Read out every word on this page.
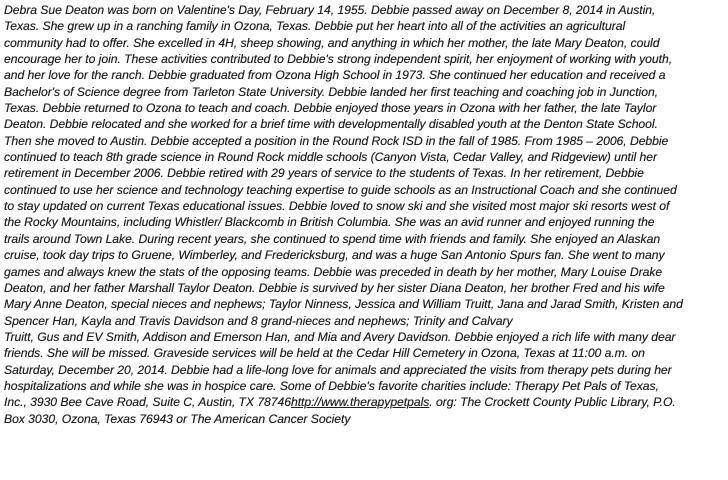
Debra Sue Deaton was born on Valentine's Day, February 14, 1955. Debbie passed away on December 8, 2014 in Austin,
Texas. She grew up in a ranching family in Ozona, Texas. Debbie put her heart into all of the activities an agricultural
community had to offer. She excelled in 4H, sheep showing, and anything in which her mother, the late Mary Deaton, could
encourage her to join. These activities contributed to Debbie's strong independent spirit, her enjoyment of working with youth,
and her love for the ranch. Debbie graduated from Ozona High School in 1973. She continued her education and received a
Bachelor's of Science degree from Tarleton State University. Debbie landed her first teaching and coaching job in Junction,
Texas. Debbie returned to Ozona to teach and coach. Debbie enjoyed those years in Ozona with her father, the late Taylor
Deaton. Debbie relocated and she worked for a brief time with developmentally disabled youth at the Denton State School.
Then she moved to Austin. Debbie accepted a position in the Round Rock ISD in the fall of 1985. From 1985 – 2006, Debbie
continued to teach 8th grade science in Round Rock middle schools (Canyon Vista, Cedar Valley, and Ridgeview) until her
retirement in December 2006. Debbie retired with 29 years of service to the students of Texas. In her retirement, Debbie
continued to use her science and technology teaching expertise to guide schools as an Instructional Coach and she continued
to stay updated on current Texas educational issues. Debbie loved to snow ski and she visited most major ski resorts west of
the Rocky Mountains, including Whistler/ Blackcomb in British Columbia. She was an avid runner and enjoyed running the
trails around Town Lake. During recent years, she continued to spend time with friends and family. She enjoyed an Alaskan
cruise, took day trips to Gruene, Wimberley, and Fredericksburg, and was a huge San Antonio Spurs fan. She went to many
games and always knew the stats of the opposing teams. Debbie was preceded in death by her mother, Mary Louise Drake
Deaton, and her father Marshall Taylor Deaton. Debbie is survived by her sister Diana Deaton, her brother Fred and his wife
Mary Anne Deaton, special nieces and nephews; Taylor Ninness, Jessica and William Truitt, Jana and Jarad Smith, Kristen and
Spencer Han, Kayla and Travis Davidson and 8 grand-nieces and nephews; Trinity and Calvary
Truitt, Gus and EV Smith, Addison and Emerson Han, and Mia and Avery Davidson. Debbie enjoyed a rich life with many dear
friends. She will be missed. Graveside services will be held at the Cedar Hill Cemetery in Ozona, Texas at 11:00 a.m. on
Saturday, December 20, 2014. Debbie had a life-long love for animals and appreciated the visits from therapy pets during her
hospitalizations and while she was in hospice care. Some of Debbie's favorite charities include: Therapy Pet Pals of Texas,
Inc., 3930 Bee Cave Road, Suite C, Austin, TX 78746http://www.therapypetpals. org: The Crockett County Public Library, P.O.
Box 3030, Ozona, Texas 76943 or The American Cancer Society
